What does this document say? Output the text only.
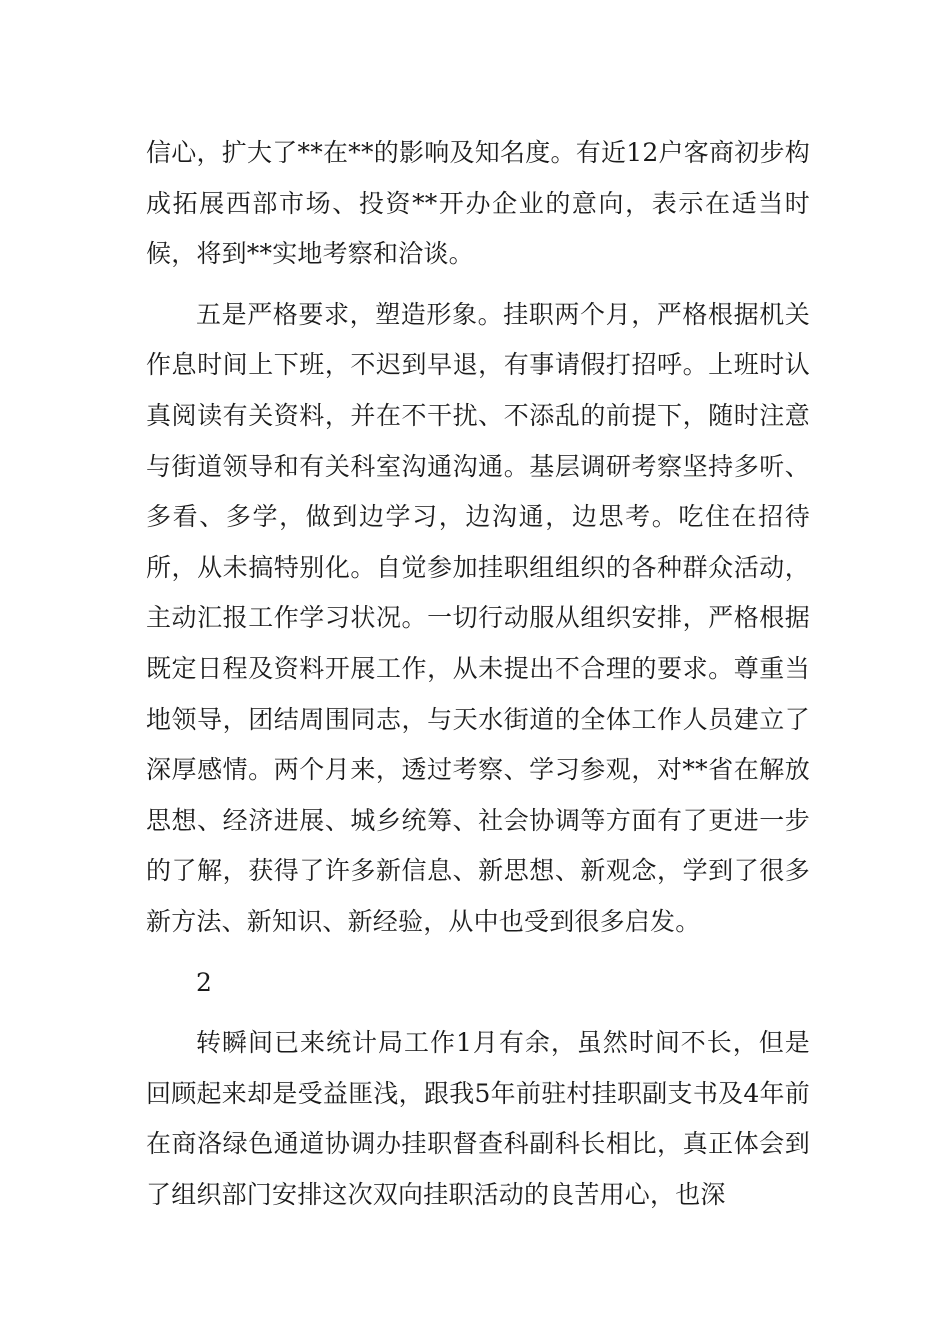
信心，扩大了**在**的影响及知名度。有近12户客商初步构成拓展西部市场、投资**开办企业的意向，表示在适当时候，将到**实地考察和洽谈。

五是严格要求，塑造形象。挂职两个月，严格根据机关作息时间上下班，不迟到早退，有事请假打招呼。上班时认真阅读有关资料，并在不干扰、不添乱的前提下，随时注意与街道领导和有关科室沟通沟通。基层调研考察坚持多听、多看、多学，做到边学习，边沟通，边思考。吃住在招待所，从未搞特别化。自觉参加挂职组组织的各种群众活动，主动汇报工作学习状况。一切行动服从组织安排，严格根据既定日程及资料开展工作，从未提出不合理的要求。尊重当地领导，团结周围同志，与天水街道的全体工作人员建立了深厚感情。两个月来，透过考察、学习参观，对**省在解放思想、经济进展、城乡统筹、社会协调等方面有了更进一步的了解，获得了许多新信息、新思想、新观念，学到了很多新方法、新知识、新经验，从中也受到很多启发。

2

转瞬间已来统计局工作1月有余，虽然时间不长，但是回顾起来却是受益匪浅，跟我5年前驻村挂职副支书及4年前在商洛绿色通道协调办挂职督查科副科长相比，真正体会到了组织部门安排这次双向挂职活动的良苦用心，也深
